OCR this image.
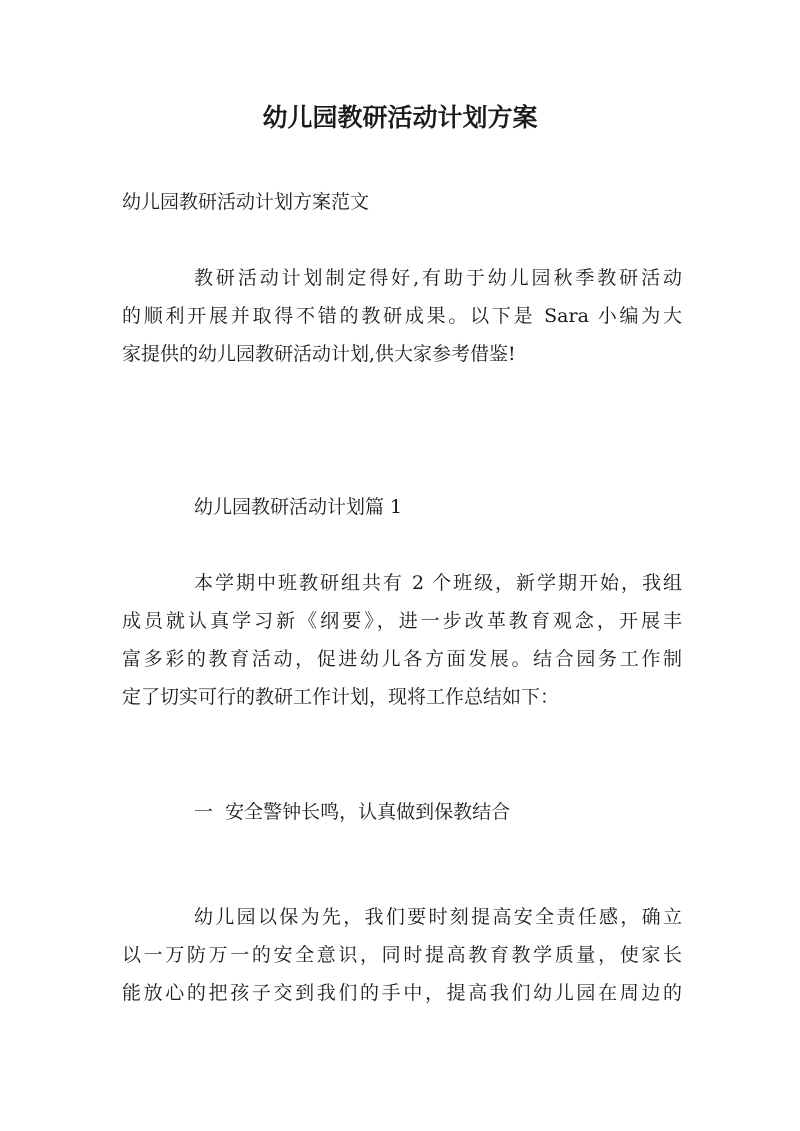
幼儿园教研活动计划方案

幼儿园教研活动计划方案范文

教研活动计划制定得好,有助于幼儿园秋季教研活动

的顺利开展并取得不错的教研成果。以下是 Sara 小编为大

家提供的幼儿园教研活动计划,供大家参考借鉴!

幼儿园教研活动计划篇 1

本学期中班教研组共有 2 个班级，新学期开始，我组

成员就认真学习新《纲要》，进一步改革教育观念，开展丰

富多彩的教育活动，促进幼儿各方面发展。结合园务工作制

定了切实可行的教研工作计划，现将工作总结如下：

一  安全警钟长鸣，认真做到保教结合

幼儿园以保为先，我们要时刻提高安全责任感，确立

以一万防万一的安全意识，同时提高教育教学质量，使家长

能放心的把孩子交到我们的手中，提高我们幼儿园在周边的
